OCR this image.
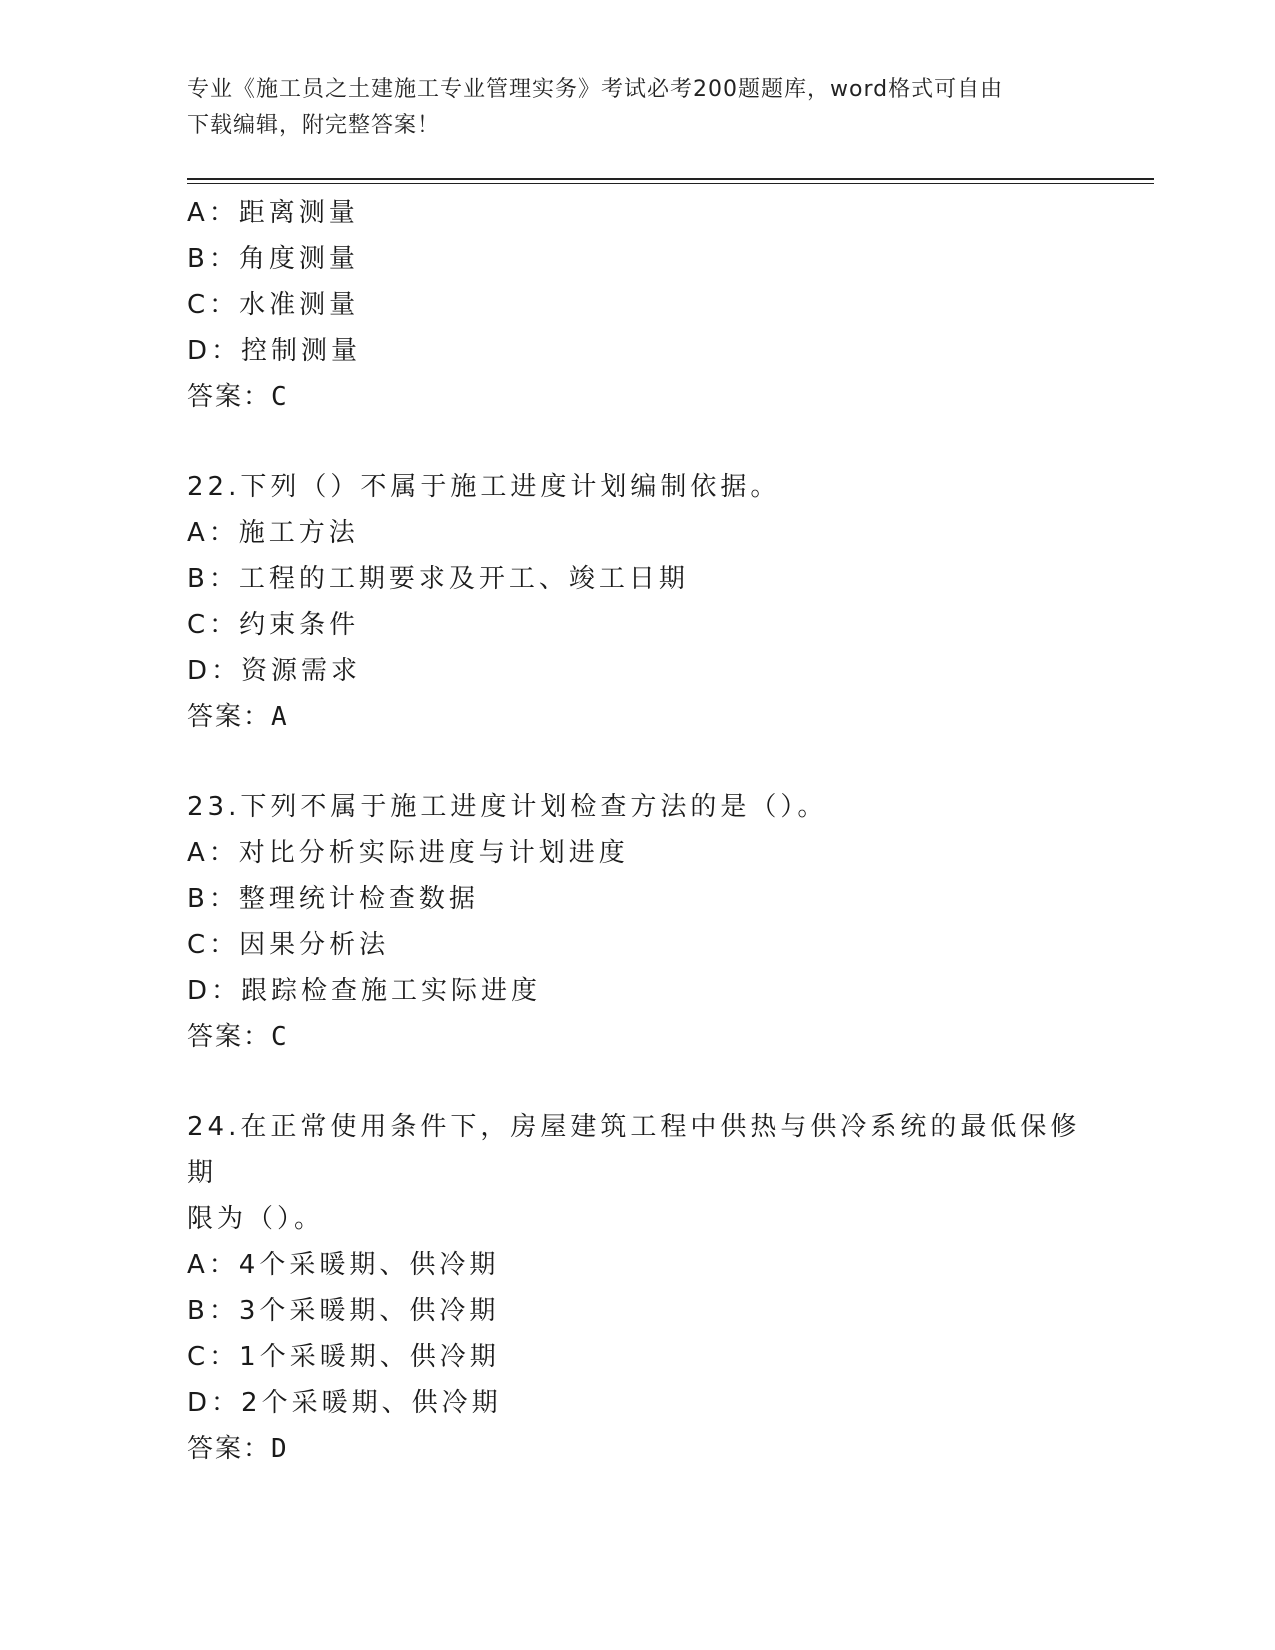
专业《施工员之土建施工专业管理实务》考试必考200题题库，word格式可自由
下载编辑，附完整答案！
A：距离测量
B：角度测量
C：水准测量
D：控制测量
答案：C
22.下列（）不属于施工进度计划编制依据。
A：施工方法
B：工程的工期要求及开工、竣工日期
C：约束条件
D：资源需求
答案：A
23.下列不属于施工进度计划检查方法的是（）。
A：对比分析实际进度与计划进度
B：整理统计检查数据
C：因果分析法
D：跟踪检查施工实际进度
答案：C
24.在正常使用条件下，房屋建筑工程中供热与供冷系统的最低保修期
限为（）。
A：4个采暖期、供冷期
B：3个采暖期、供冷期
C：1个采暖期、供冷期
D：2个采暖期、供冷期
答案：D
